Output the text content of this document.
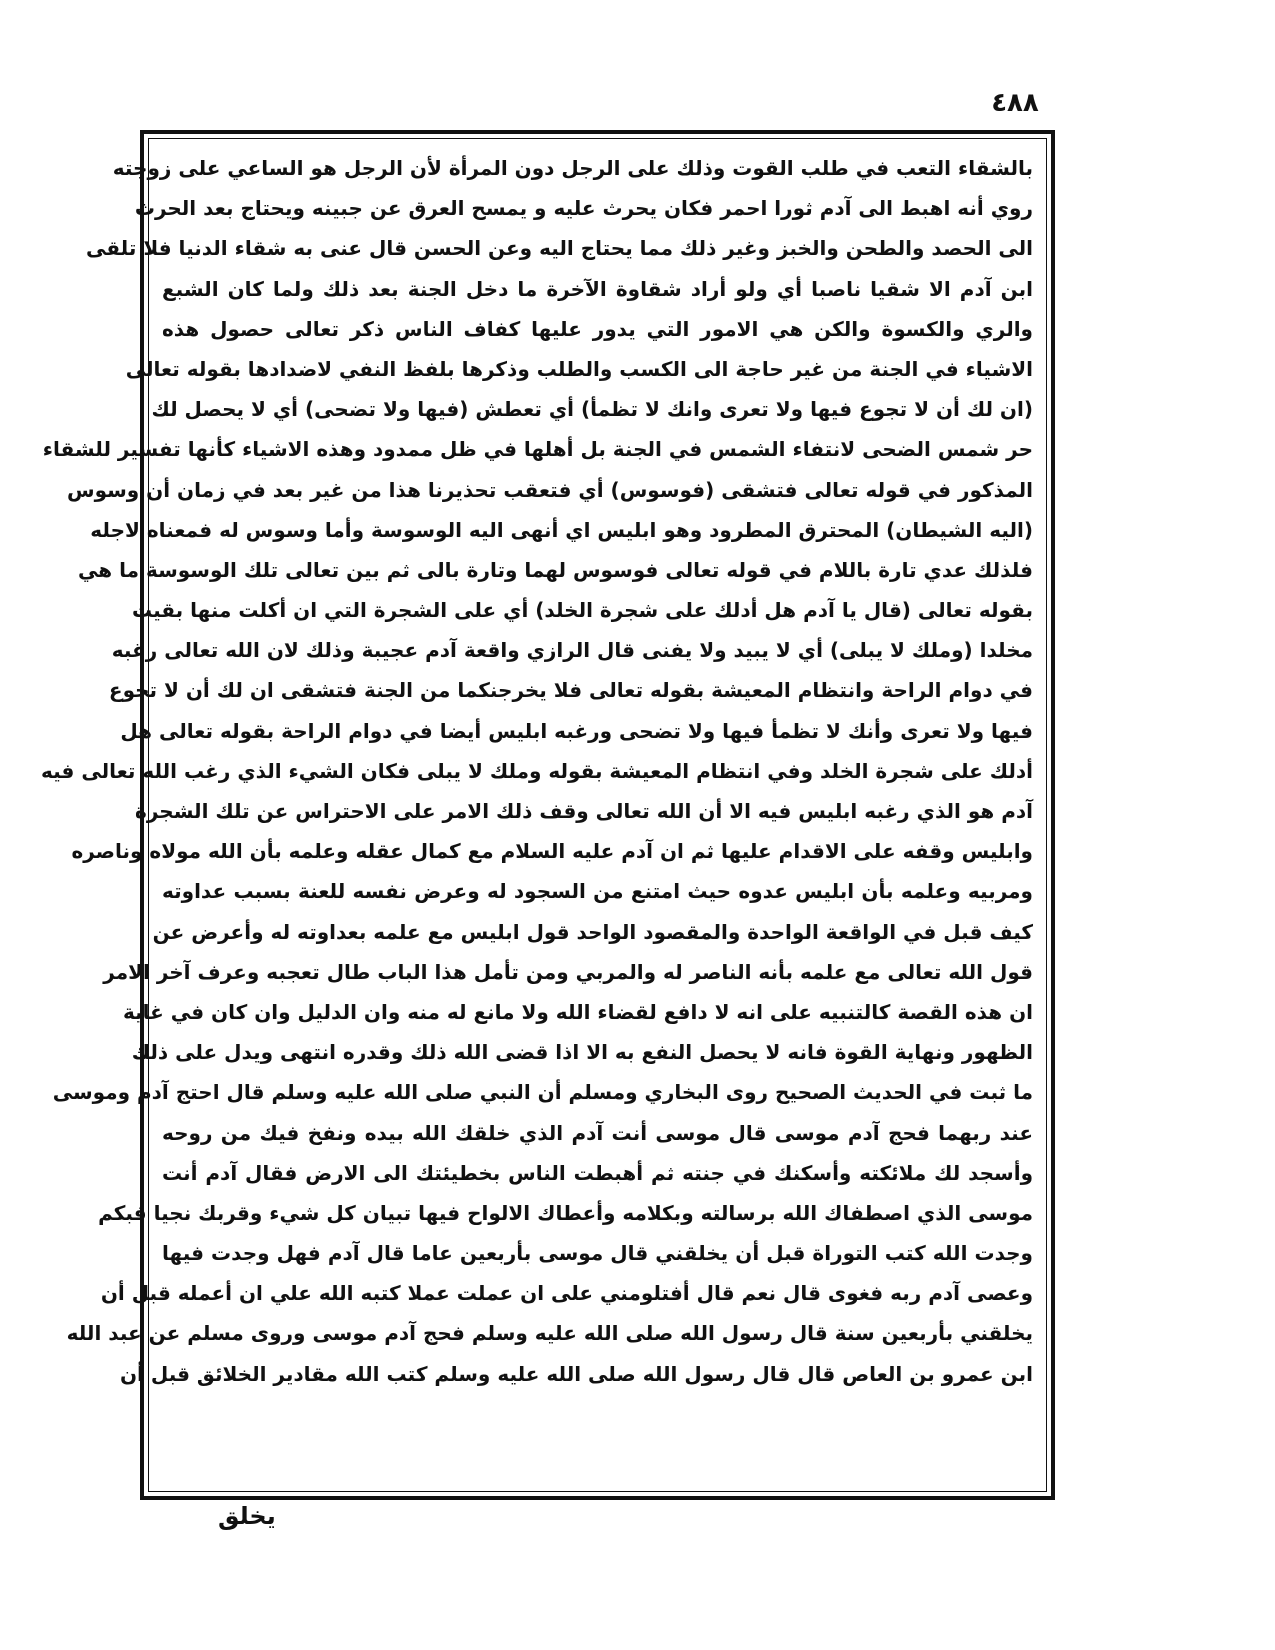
٤٨٨
بالشقاء التعب في طلب القوت وذلك على الرجل دون المرأة لأن الرجل هو الساعي على زوجته
روي أنه اهبط الى آدم ثورا احمر فكان يحرث عليه و يمسح العرق عن جبينه ويحتاج بعد الحرث
الى الحصد والطحن والخبز وغير ذلك مما يحتاج اليه وعن الحسن قال عنى به شقاء الدنيا فلا تلقى
ابن آدم الا شقيا ناصبا أي ولو أراد شقاوة الآخرة ما دخل الجنة بعد ذلك ولما كان الشبع
والري والكسوة والكن هي الامور التي يدور عليها كفاف الناس ذكر تعالى حصول هذه
الاشياء في الجنة من غير حاجة الى الكسب والطلب وذكرها بلفظ النفي لاضدادها بقوله تعالى
(ان لك أن لا تجوع فيها ولا تعرى وانك لا تظمأ) أي تعطش (فيها ولا تضحى) أي لا يحصل لك
حر شمس الضحى لانتفاء الشمس في الجنة بل أهلها في ظل ممدود وهذه الاشياء كأنها تفسير للشقاء
المذكور في قوله تعالى فتشقى (فوسوس) أي فتعقب تحذيرنا هذا من غير بعد في زمان أن وسوس
(اليه الشيطان) المحترق المطرود وهو ابليس اي أنهى اليه الوسوسة وأما وسوس له فمعناه لاجله
فلذلك عدي تارة باللام في قوله تعالى فوسوس لهما وتارة بالى ثم بين تعالى تلك الوسوسة ما هي
بقوله تعالى (قال يا آدم هل أدلك على شجرة الخلد) أي على الشجرة التي ان أكلت منها بقيت
مخلدا (وملك لا يبلى) أي لا يبيد ولا يفنى قال الرازي واقعة آدم عجيبة وذلك لان الله تعالى رغبه
في دوام الراحة وانتظام المعيشة بقوله تعالى فلا يخرجنكما من الجنة فتشقى ان لك أن لا تجوع
فيها ولا تعرى وأنك لا تظمأ فيها ولا تضحى ورغبه ابليس أيضا في دوام الراحة بقوله تعالى هل
أدلك على شجرة الخلد وفي انتظام المعيشة بقوله وملك لا يبلى فكان الشيء الذي رغب الله تعالى فيه
آدم هو الذي رغبه ابليس فيه الا أن الله تعالى وقف ذلك الامر على الاحتراس عن تلك الشجرة
وابليس وقفه على الاقدام عليها ثم ان آدم عليه السلام مع كمال عقله وعلمه بأن الله مولاه وناصره
ومربيه وعلمه بأن ابليس عدوه حيث امتنع من السجود له وعرض نفسه للعنة بسبب عداوته
كيف قبل في الواقعة الواحدة والمقصود الواحد قول ابليس مع علمه بعداوته له وأعرض عن
قول الله تعالى مع علمه بأنه الناصر له والمربي ومن تأمل هذا الباب طال تعجبه وعرف آخر الامر
ان هذه القصة كالتنبيه على انه لا دافع لقضاء الله ولا مانع له منه وان الدليل وان كان في غاية
الظهور ونهاية القوة فانه لا يحصل النفع به الا اذا قضى الله ذلك وقدره انتهى ويدل على ذلك
ما ثبت في الحديث الصحيح روى البخاري ومسلم أن النبي صلى الله عليه وسلم قال احتج آدم وموسى
عند ربهما فحج آدم موسى قال موسى أنت آدم الذي خلقك الله بيده ونفخ فيك من روحه
وأسجد لك ملائكته وأسكنك في جنته ثم أهبطت الناس بخطيئتك الى الارض فقال آدم أنت
موسى الذي اصطفاك الله برسالته وبكلامه وأعطاك الالواح فيها تبيان كل شيء وقربك نجيا فبكم
وجدت الله كتب التوراة قبل أن يخلقني قال موسى بأربعين عاما قال آدم فهل وجدت فيها
وعصى آدم ربه فغوى قال نعم قال أفتلومني على ان عملت عملا كتبه الله علي ان أعمله قبل أن
يخلقني بأربعين سنة قال رسول الله صلى الله عليه وسلم فحج آدم موسى وروى مسلم عن عبد الله
ابن عمرو بن العاص قال قال رسول الله صلى الله عليه وسلم كتب الله مقادير الخلائق قبل أن
يخلق
